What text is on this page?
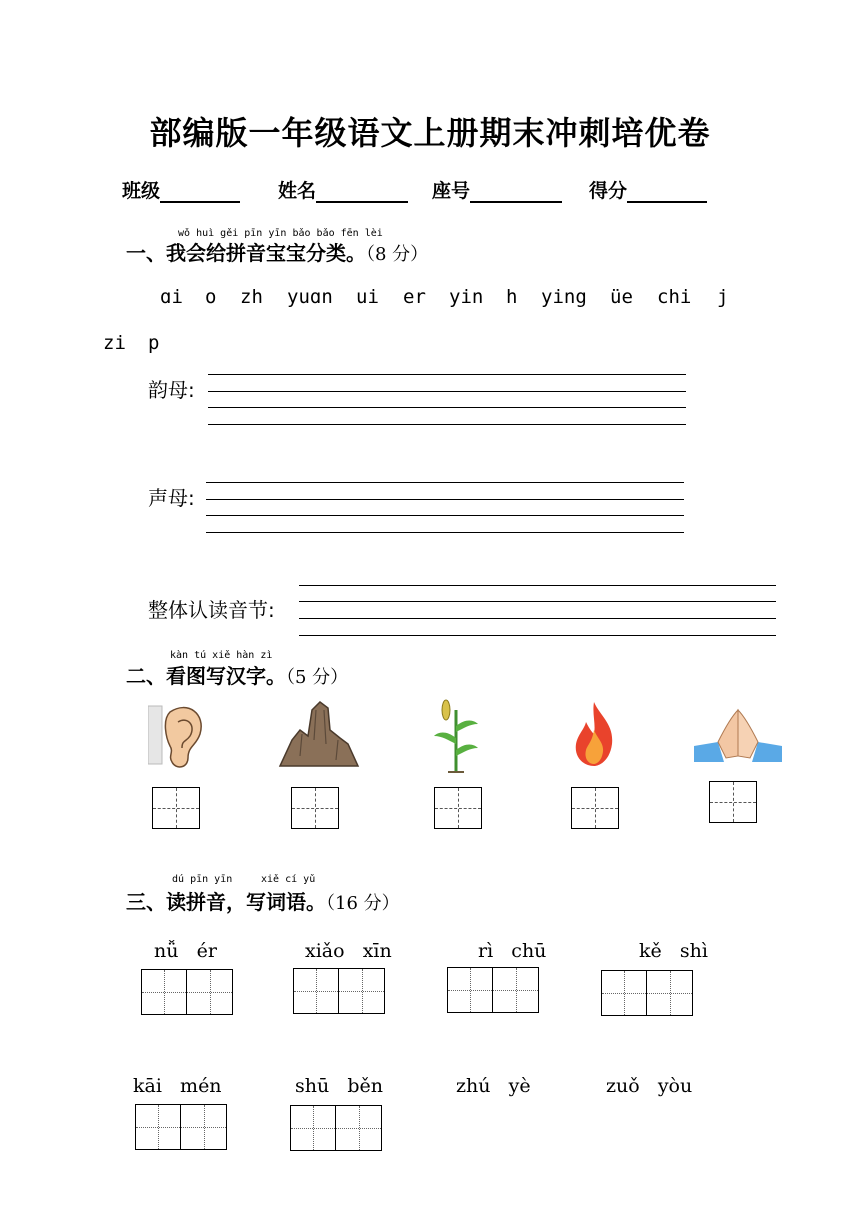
部编版一年级语文上册期末冲刺培优卷
班级	姓名	座号	得分
wǒ huì gěi pīn yīn bǎo bǎo fēn lèi
一、我会给拼音宝宝分类。（8 分）
ɑi o zh yuɑn ui er yin h ying üe chi j
zi p
韵母:
声母:
整体认读音节:
kàn tú xiě hàn zì
二、看图写汉字。（5 分）
dú pīn yīn	xiě cí yǔ
三、读拼音，写词语。（16 分）
nǚ ér	xiǎo xīn	rì chū	kě shì
kāi mén	shū běn	zhú yè	zuǒ yòu
